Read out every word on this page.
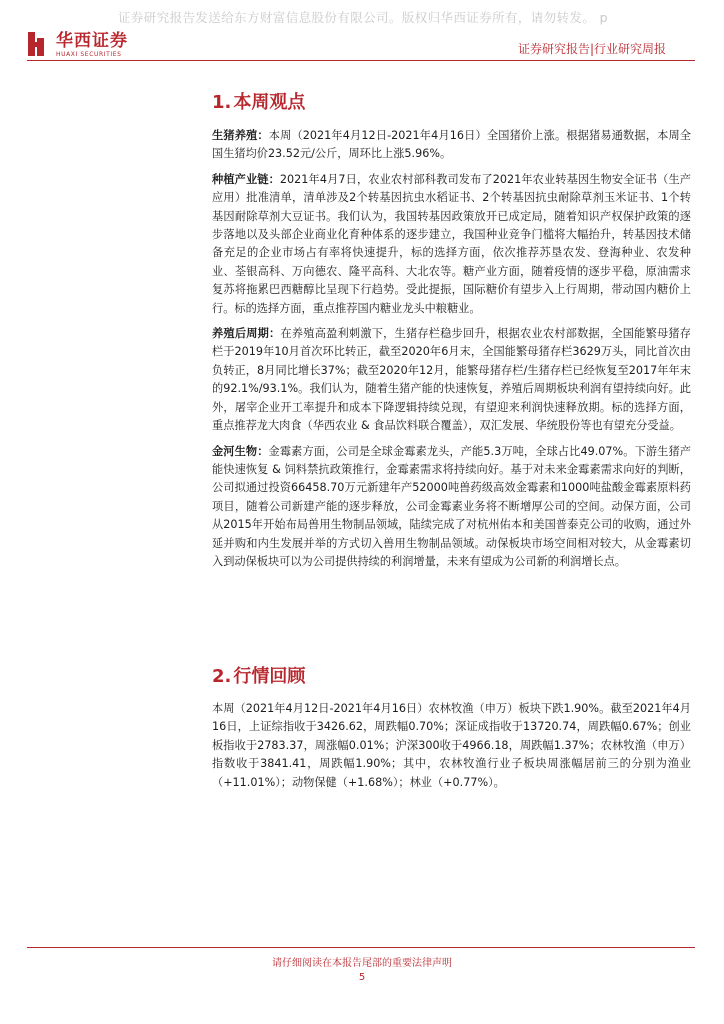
证券研究报告发送给东方财富信息股份有限公司。版权归华西证券所有，请勿转发。 p
华西证券
HUAXI SECURITIES	证券研究报告|行业研究周报
1. 本周观点

生猪养殖：本周（2021年4月12日-2021年4月16日）全国猪价上涨。根据猪易通数据，本周全国生猪均价23.52元/公斤，周环比上涨5.96%。

种植产业链：2021年4月7日，农业农村部科教司发布了2021年农业转基因生物安全证书（生产应用）批准清单，清单涉及2个转基因抗虫水稻证书、2个转基因抗虫耐除草剂玉米证书、1个转基因耐除草剂大豆证书。我们认为，我国转基因政策放开已成定局，随着知识产权保护政策的逐步落地以及头部企业商业化育种体系的逐步建立，我国种业竞争门槛将大幅抬升，转基因技术储备充足的企业市场占有率将快速提升，标的选择方面，依次推荐苏垦农发、登海种业、农发种业、荃银高科、万向德农、隆平高科、大北农等。糖产业方面，随着疫情的逐步平稳，原油需求复苏将拖累巴西糖醇比呈现下行趋势。受此提振，国际糖价有望步入上行周期，带动国内糖价上行。标的选择方面，重点推荐国内糖业龙头中粮糖业。

养殖后周期：在养殖高盈利刺激下，生猪存栏稳步回升，根据农业农村部数据，全国能繁母猪存栏于2019年10月首次环比转正，截至2020年6月末，全国能繁母猪存栏3629万头，同比首次由负转正，8月同比增长37%；截至2020年12月，能繁母猪存栏/生猪存栏已经恢复至2017年年末的92.1%/93.1%。我们认为，随着生猪产能的快速恢复，养殖后周期板块利润有望持续向好。此外，屠宰企业开工率提升和成本下降逻辑持续兑现，有望迎来利润快速释放期。标的选择方面，重点推荐龙大肉食（华西农业 & 食品饮料联合覆盖），双汇发展、华统股份等也有望充分受益。

金河生物：金霉素方面，公司是全球金霉素龙头，产能5.3万吨，全球占比49.07%。下游生猪产能快速恢复 & 饲料禁抗政策推行，金霉素需求将持续向好。基于对未来金霉素需求向好的判断，公司拟通过投资66458.70万元新建年产52000吨兽药级高效金霉素和1000吨盐酸金霉素原料药项目，随着公司新建产能的逐步释放，公司金霉素业务将不断增厚公司的空间。动保方面，公司从2015年开始布局兽用生物制品领域，陆续完成了对杭州佑本和美国普泰克公司的收购，通过外延并购和内生发展并举的方式切入兽用生物制品领域。动保板块市场空间相对较大，从金霉素切入到动保板块可以为公司提供持续的利润增量，未来有望成为公司新的利润增长点。

2. 行情回顾

本周（2021年4月12日-2021年4月16日）农林牧渔（申万）板块下跌1.90%。截至2021年4月16日，上证综指收于3426.62，周跌幅0.70%；深证成指收于13720.74，周跌幅0.67%；创业板指收于2783.37，周涨幅0.01%；沪深300收于4966.18，周跌幅1.37%；农林牧渔（申万）指数收于3841.41，周跌幅1.90%；其中，农林牧渔行业子板块周涨幅居前三的分别为渔业（+11.01%）；动物保健（+1.68%）；林业（+0.77%）。

请仔细阅读在本报告尾部的重要法律声明
5
